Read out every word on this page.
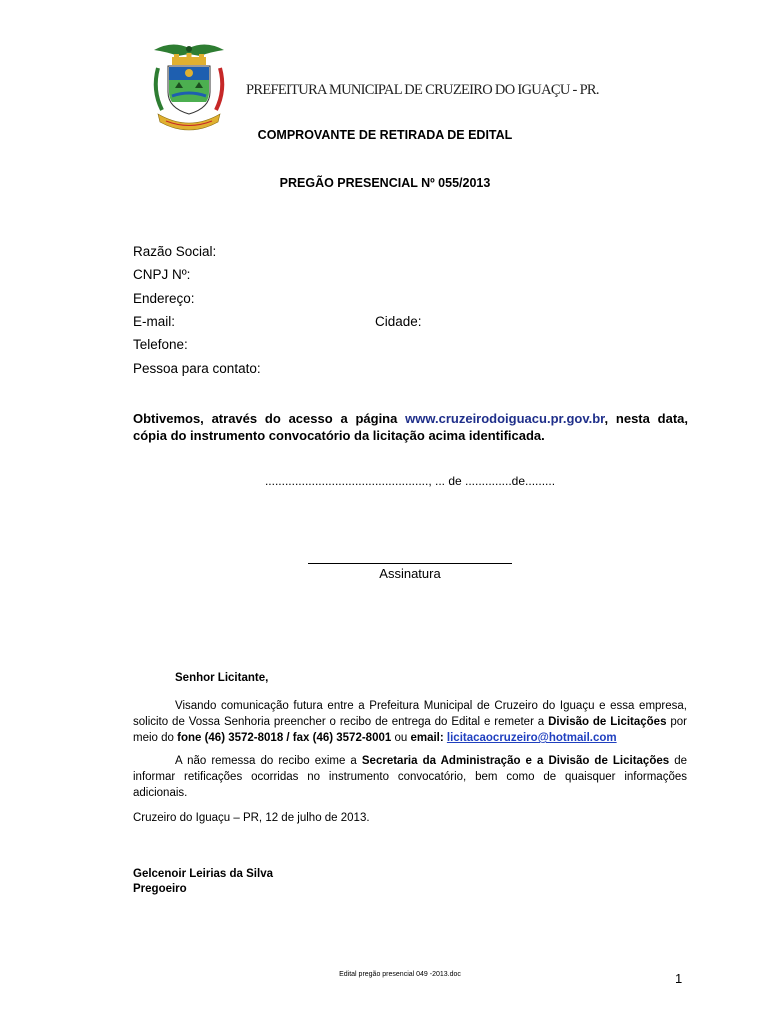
PREFEITURA MUNICIPAL DE CRUZEIRO DO IGUAÇU - PR.
COMPROVANTE DE RETIRADA DE EDITAL
PREGÃO PRESENCIAL Nº 055/2013
Razão Social:
CNPJ Nº:
Endereço:
E-mail:	Cidade:
Telefone:
Pessoa para contato:
Obtivemos, através do acesso a página www.cruzeirodoiguacu.pr.gov.br, nesta data, cópia do instrumento convocatório da licitação acima identificada.
................................................., ... de ..............de.........
Assinatura
Senhor Licitante,
Visando comunicação futura entre a Prefeitura Municipal de Cruzeiro do Iguaçu e essa empresa, solicito de Vossa Senhoria preencher o recibo de entrega do Edital e remeter a Divisão de Licitações por meio do fone (46) 3572-8018 / fax (46) 3572-8001 ou email: licitacaocruzeiro@hotmail.com
A não remessa do recibo exime a Secretaria da Administração e a Divisão de Licitações de informar retificações ocorridas no instrumento convocatório, bem como de quaisquer informações adicionais.
Cruzeiro do Iguaçu – PR, 12 de julho de 2013.
Gelcenoir Leirias da Silva
Pregoeiro
Edital pregão presencial 049 -2013.doc	1
